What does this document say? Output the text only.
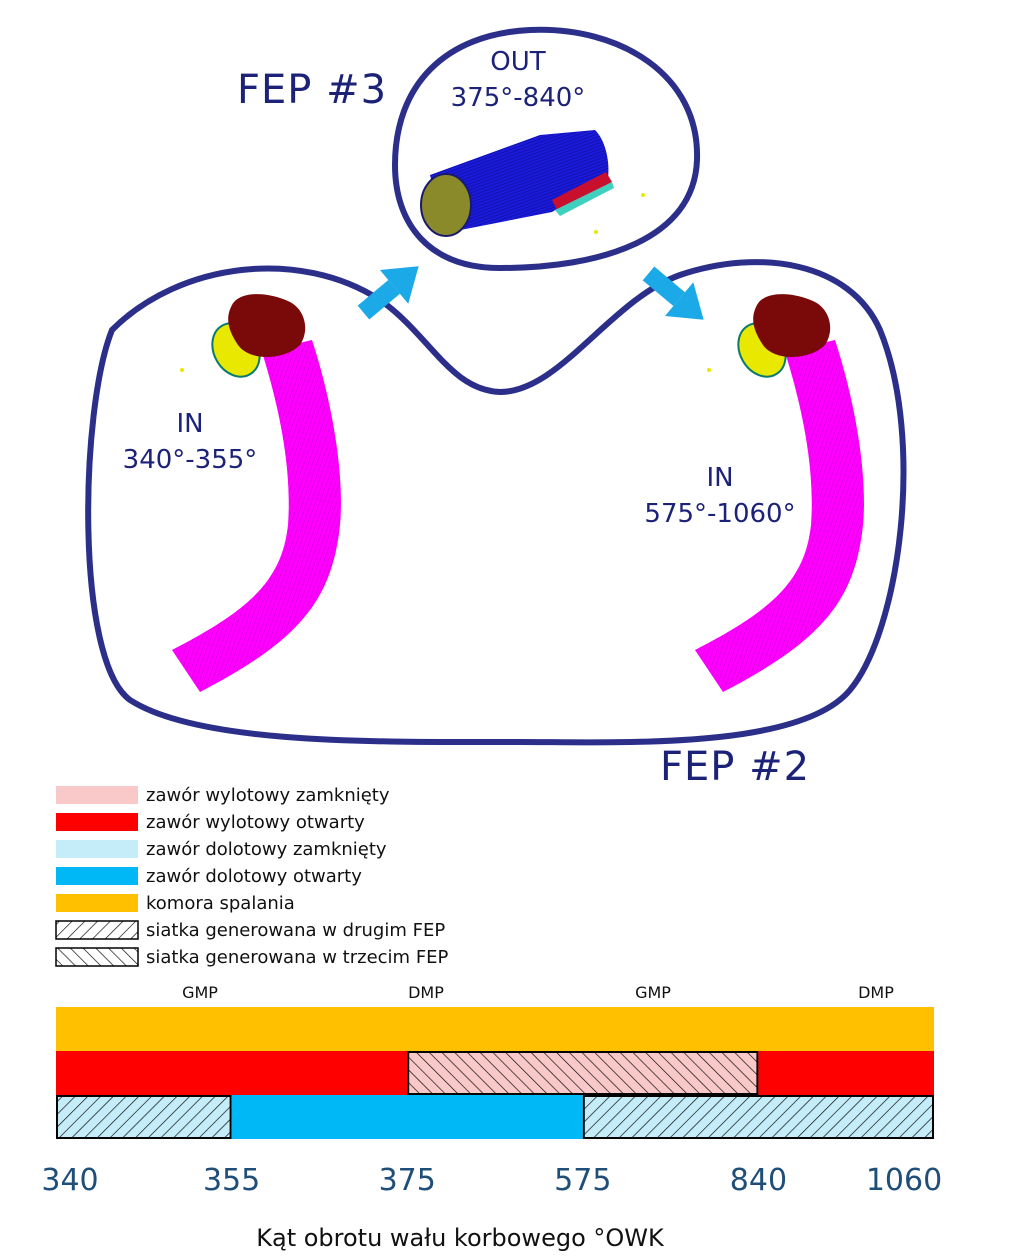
FEP #3
OUT
375°-840°
IN
340°-355°
IN
575°-1060°
FEP #2
zawór wylotowy zamknięty
zawór wylotowy otwarty
zawór dolotowy zamknięty
zawór dolotowy otwarty
komora spalania
siatka generowana w drugim FEP
siatka generowana w trzecim FEP
GMP	DMP	GMP	DMP
340	355	375	575	840	1060
Kąt obrotu wału korbowego °OWK
